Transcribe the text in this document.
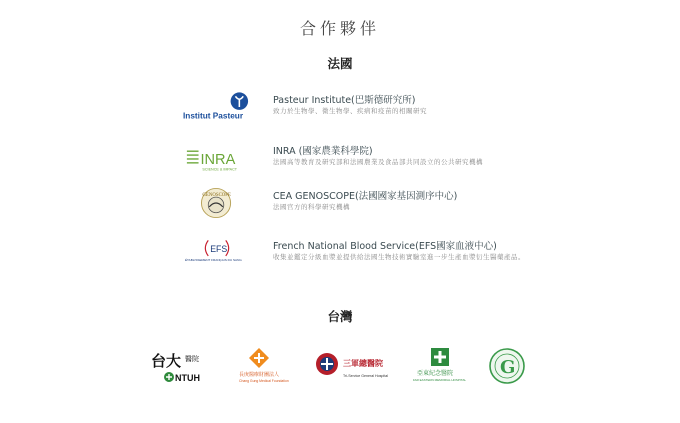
合作夥伴
法國
Institut Pasteur
Pasteur Institute(巴斯德研究所)
致力於生物學、微生物學、疾病和疫苗的相關研究
INRA
SCIENCE & IMPACT
INRA (國家農業科學院)
法國高等教育及研究部和法國農業及食品部共同設立的公共研究機構
GENOSCOPE	CEA GENOSCOPE(法國國家基因測序中心)
法國官方的科學研究機構
EFS
ÉTABLISSEMENT FRANÇAIS DU SANG
French National Blood Service(EFS國家血液中心)
收集並鑑定分級血漿並提供給法國生物技術實驗室進一步生產血漿衍生醫藥產品。
台灣
台大 醫院
NTUH	長庚醫療財團法人
Chang Gung Medical Foundation
三軍總醫院
Tri-Service General Hospital	亞東紀念醫院
FAR EASTERN MEMORIAL HOSPITAL
G
